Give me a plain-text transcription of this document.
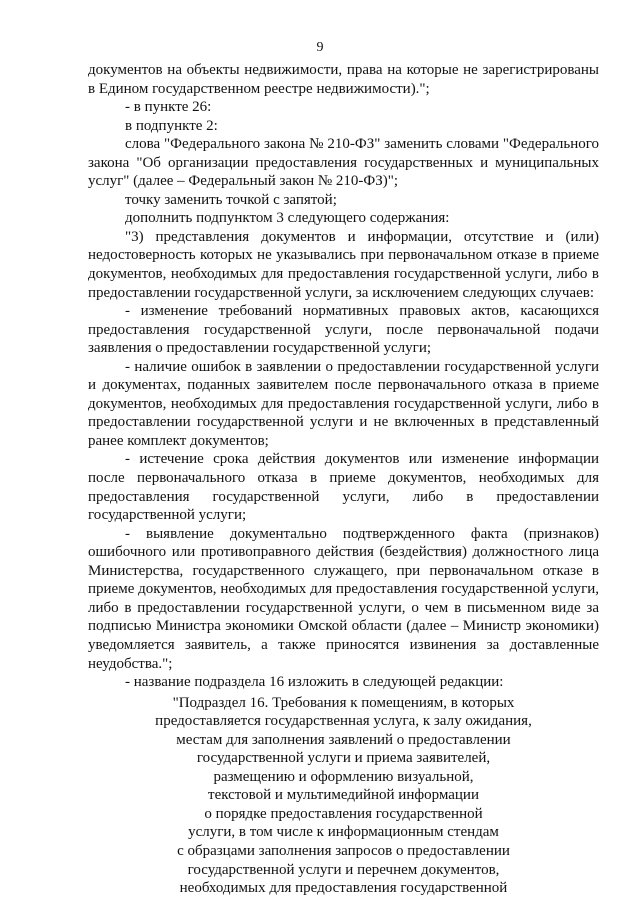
9

документов на объекты недвижимости, права на которые не зарегистрированы в Едином государственном реестре недвижимости).";

- в пункте 26:

в подпункте 2:

слова "Федерального закона № 210-ФЗ" заменить словами "Федерального закона "Об организации предоставления государственных и муниципальных услуг" (далее – Федеральный закон № 210-ФЗ)";

точку заменить точкой с запятой;

дополнить подпунктом 3 следующего содержания:

"3) представления документов и информации, отсутствие и (или) недостоверность которых не указывались при первоначальном отказе в приеме документов, необходимых для предоставления государственной услуги, либо в предоставлении государственной услуги, за исключением следующих случаев:

- изменение требований нормативных правовых актов, касающихся предоставления государственной услуги, после первоначальной подачи заявления о предоставлении государственной услуги;

- наличие ошибок в заявлении о предоставлении государственной услуги и документах, поданных заявителем после первоначального отказа в приеме документов, необходимых для предоставления государственной услуги, либо в предоставлении государственной услуги и не включенных в представленный ранее комплект документов;

- истечение срока действия документов или изменение информации после первоначального отказа в приеме документов, необходимых для предоставления государственной услуги, либо в предоставлении государственной услуги;

- выявление документально подтвержденного факта (признаков) ошибочного или противоправного действия (бездействия) должностного лица Министерства, государственного служащего, при первоначальном отказе в приеме документов, необходимых для предоставления государственной услуги, либо в предоставлении государственной услуги, о чем в письменном виде за подписью Министра экономики Омской области (далее – Министр экономики) уведомляется заявитель, а также приносятся извинения за доставленные неудобства.";

- название подраздела 16 изложить в следующей редакции:

"Подраздел 16. Требования к помещениям, в которых

предоставляется государственная услуга, к залу ожидания,

местам для заполнения заявлений о предоставлении

государственной услуги и приема заявителей,

размещению и оформлению визуальной,

текстовой и мультимедийной информации

о порядке предоставления государственной

услуги, в том числе к информационным стендам

с образцами заполнения запросов о предоставлении

государственной услуги и перечнем документов,

необходимых для предоставления государственной
